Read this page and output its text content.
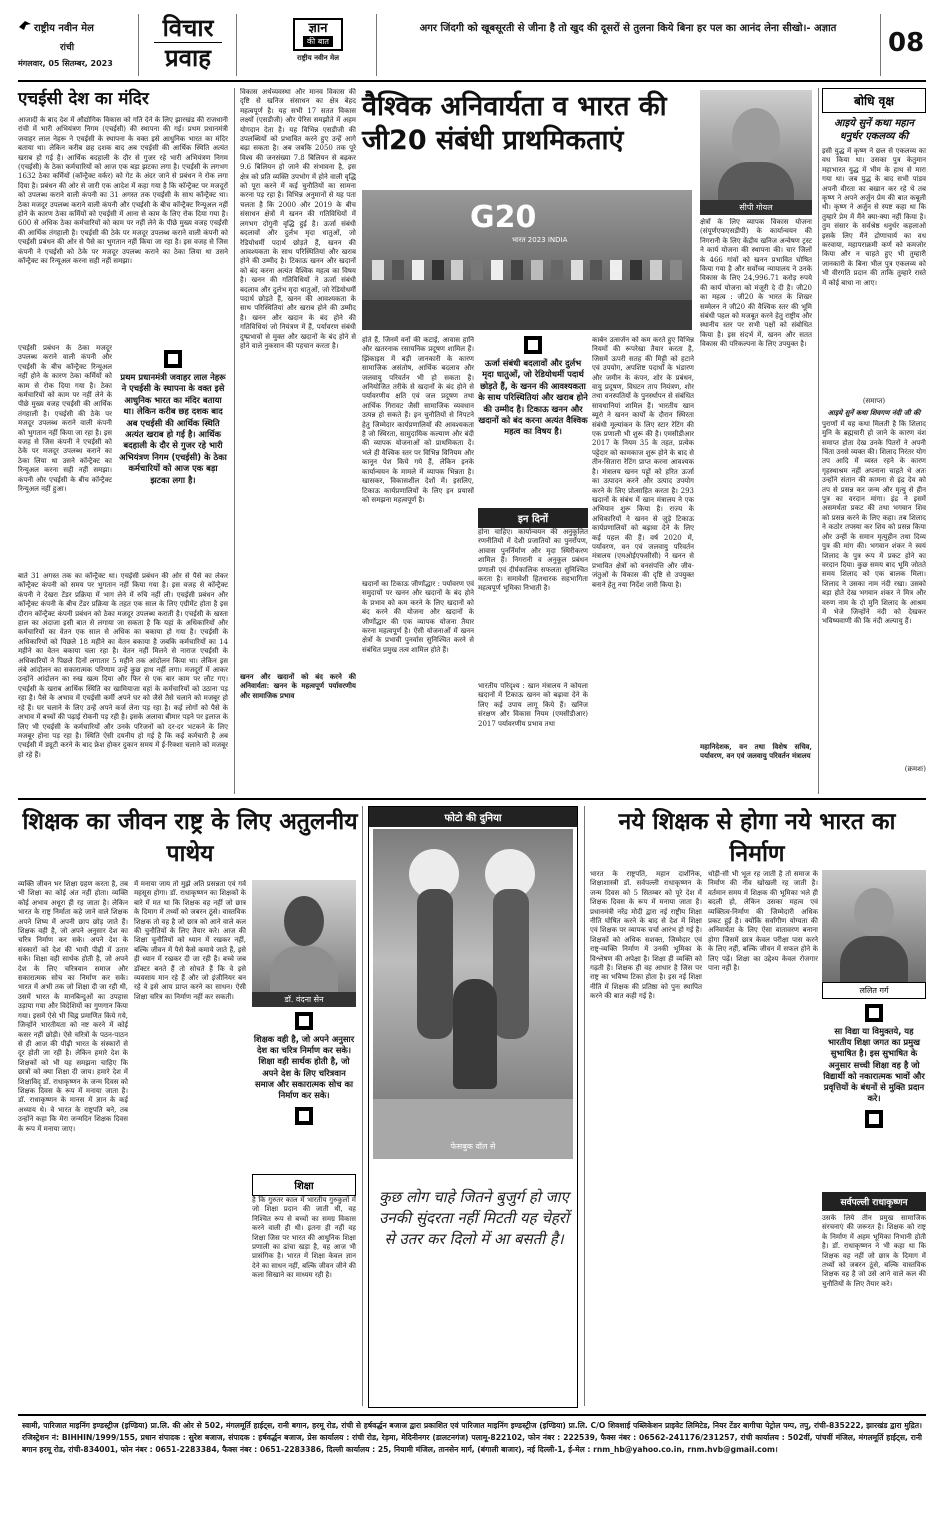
राष्ट्रीय नवीन मेल
रांची
मंगलवार, 05 सितम्बर, 2023
विचार
प्रवाह
ज्ञान
की बात
राष्ट्रीय नवीन मेल
अगर जिंदगी को खूबसूरती से जीना है तो खुद की दूसरों से तुलना किये बिना हर पल का आनंद लेना सीखो।- अज्ञात	08
एचईसी देश का मंदिर
आजादी के बाद देश में औद्योगिक विकास को गति देने के लिए झारखंड की राजधानी रांची में भारी अभियंत्रण निगम (एचईसी) की स्थापना की गई। प्रथम प्रधानमंत्री जवाहर लाल नेहरू ने एचईसी के स्थापना के वक्त इसे आधुनिक भारत का मंदिर बताया था। लेकिन करीब छह दशक बाद अब एचईसी की आर्थिक स्थिति अत्यंत खराब हो गई है। आर्थिक बदहाली के दौर से गुजर रहे भारी अभियंत्रण निगम (एचईसी) के ठेका कर्मचारियों को आज एक बड़ा झटका लगा है। एचईसी के लगभग 1632 ठेका कर्मियों (कॉन्ट्रैक्ट वर्कर) को गेट के अंदर जाने से प्रबंधन ने रोक लगा दिया है। प्रबंधन की ओर से जारी एक आदेश में कहा गया है कि कॉन्ट्रैक्ट पर मजदूरों को उपलब्ध कराने वाली कंपनी का 31 अगस्त तक एचईसी के साथ कॉन्ट्रैक्ट था। ठेका मजदूर उपलब्ध कराने वाली कंपनी और एचईसी के बीच कॉन्ट्रैक्ट रिन्यूअल नहीं होने के कारण ठेका कर्मियों को एचईसी में आना से काम के लिए रोक दिया गया है। 600 से अधिक ठेका कर्मचारियों को काम पर नहीं लेने के पीछे मुख्य वजह एचईसी की आर्थिक तंगहाली है। एचईसी की ठेके पर मजदूर उपलब्ध कराने वाली कंपनी को एचईसी प्रबंधन की ओर से पैसे का भुगतान नहीं किया जा रहा है। इस वजह से जिस कंपनी ने एचईसी को ठेके पर मजदूर उपलब्ध कराने का ठेका लिया था उसने कॉन्ट्रैक्ट का रिन्यूअल करना सही नहीं समझा।
एचईसी प्रबंधन के ठेका मजदूर उपलब्ध कराने वाली कंपनी और एचईसी के बीच कॉन्ट्रैक्ट रिन्यूअल नहीं होने के कारण ठेका कर्मियों को काम से रोक दिया गया है। ठेका कर्मचारियों को काम पर नहीं लेने के पीछे मुख्य वजह एचईसी की आर्थिक तंगहाली है। एचईसी की ठेके पर मजदूर उपलब्ध कराने वाली कंपनी को भुगतान नहीं किया जा रहा है। इस वजह से जिस कंपनी ने एचईसी को ठेके पर मजदूर उपलब्ध कराने का ठेका लिया था उसने कॉन्ट्रैक्ट का रिन्यूअल करना सही नहीं समझा। कंपनी और एचईसी के बीच कॉन्ट्रैक्ट रिन्यूअल नहीं हुआ।
प्रथम प्रधानमंत्री जवाहर लाल नेहरू ने एचईसी के स्थापना के वक्त इसे आधुनिक भारत का मंदिर बताया था। लेकिन करीब छह दशक बाद अब एचईसी की आर्थिक स्थिति अत्यंत खराब हो गई है। आर्थिक बदहाली के दौर से गुजर रहे भारी अभियंत्रण निगम (एचईसी) के ठेका कर्मचारियों को आज एक बड़ा झटका लगा है।
बाते 31 अगस्त तक का कॉन्ट्रैक्ट था। एचईसी प्रबंधन की ओर से पैसे का लेकर कॉन्ट्रैक्ट कंपनी को समय पर भुगतान नहीं किया गया है। इस वजह से कॉन्ट्रैक्ट कंपनी ने देखरा टेंडर प्रक्रिया में भाग लेने में रुचि नहीं ली। एचईसी प्रबंधन और कॉन्ट्रैक्ट कंपनी के बीच टेंडर प्रक्रिया के तहत एक साल के लिए एग्रीमेंट होता है इस दौरान कॉन्ट्रैक्ट कंपनी प्रबंधन को ठेका मजदूर उपलब्ध कराती है। एचईसी के खस्ता हाल का अंदाजा इसी बात से लगाया जा सकता है कि यहां के अधिकारियों और कर्मचारियों का वेतन एक साल से अधिक का बकाया हो गया है। एचईसी के अधिकारियों को पिछले 18 महीने का वेतन बकाया है जबकि कर्मचारियों का 14 महीने का वेतन बकाया चला रहा है। वेतन नहीं मिलने से नाराज एचईसी के अधिकारियों ने पिछले दिनों लगातार 5 महीने तक आंदोलन किया था। लेकिन इस लंबे आंदोलन का सकारात्मक परिणाम उन्हें कुछ हाथ नहीं लगा। मजदूरों में आकर उन्होंने आंदोलन का रुख खत्म दिया और फिर से एक बार काम पर लौट गए। एचईसी के खराब आर्थिक स्थिति का खामियाजा वहां के कर्मचारियों को उठाना पड़ रहा है। पैसे के अभाव में एचईसी कर्मी अपने घर को जैसे तैसे चलाने को मजबूर हो रहे हैं। घर चलाने के लिए उन्हें अपने कर्ज लेना पड़ रहा है। कई लोगों को पैसे के अभाव में बच्चों की पढ़ाई रोकनी पड़ रही है। इसके अलावा बीमार पड़ने पर इलाज के लिए भी एचईसी के कर्मचारियों और उनके परिजनों को दर-दर भटकने के लिए मजबूर होना पड़ रहा है। स्थिति ऐसी दयनीय हो गई है कि कई कर्मचारी है अब एचईसी में ड्यूटी करने के बाद फ्रेश होकर दुकान समय में ई-रिक्शा चलाने को मजबूर हो रहे हैं।
विकास अर्थव्यवस्था और मानव विकास की दृष्टि से खनिज संसाधन का क्षेत्र बेहद महत्वपूर्ण है। यह सभी 17 सतत विकास लक्ष्यों (एसडीजी) और पेरिस समझौते में अहम योगदान देता है। यह विभिन्न एसडीजी की उपलब्धियों को प्रभावित करने हुए उन्हें आगे बढ़ा सकता है। अब जबकि 2050 तक पूरे विश्व की जनसंख्या 7.8 बिलियन से बढ़कर 9.6 बिलियन हो जाने की संभावना है, इस क्षेत्र को प्रति व्यक्ति उपभोग में होने वाली वृद्धि को पूरा करने में कई चुनौतियों का सामना करना पड़ रहा है। विभिन्न अनुमानों से यह पता चलता है कि 2000 और 2019 के बीच संसाधन क्षेत्रों में खनन की गतिविधियों में लगभग दोगुनी वृद्धि हुई है। ऊर्जा संबंधी बदलावों और दुर्लभ मृदा धातुओं, जो रेडियोधर्मी पदार्थ छोड़ते हैं, खनन की आवश्यकता के साथ परिस्थितियां और खराब होने की उम्मीद है। टिकाऊ खनन और खदानों को बंद करना अत्यंत वैश्विक महत्व का विषय है। खनन की गतिविधियों ने ऊर्जा संबंधी बदलाव और दुर्लभ मृदा धातुओं, जो रेडियोधर्मी पदार्थ छोड़ते हैं, खनन की आवश्यकता के साथ परिस्थितियां और खराब होने की उम्मीद है। खनन और खदान के बंद होने की गतिविधियां जो नियंत्रण में हैं, पर्यावरण संबंधी दुष्प्रभावों से मुक्त और खदानों के बंद होने से होने वाले नुकसान की पहचान करता है।
खनन और खदानों को बंद करने की अनिवार्यता: खनन के महत्वपूर्ण पर्यावरणीय और सामाजिक प्रभाव
वैश्विक अनिवार्यता व भारत की जी20 संबंधी प्राथमिकताएं
G20
भारत 2023 INDIA
सीपी गोयल
होते हैं, जिनमें वनों की कटाई, आवास हानि और खतरनाक रसायनिक प्रदूषण शामिल हैं। झिंकाइस में बड़ी जानकारी के कारण सामाजिक असंतोष, आर्थिक बदलाव और जलवायु परिवर्तन भी हो सकता है। अनियोजित तरीके से खदानों के बंद होने से पर्यावरणीय क्षति एवं जल प्रदूषण तथा आर्थिक गिरावट जैसी सामाजिक व्यवधान उत्पन्न हो सकते हैं। इन चुनौतियों से निपटने हेतु जिम्मेदार कार्यप्रणालियों की आवश्यकता है जो स्थिरता, सामुदायिक कल्याण और बंदी की व्यापक योजनाओं को प्राथमिकता दें। भले ही वैश्विक स्तर पर विभिन्न विनियम और कानून पेश किये गये हैं, लेकिन इनके कार्यान्वयन के मामले में व्यापक भिन्नता है। खासकर, विकासशील देशों में। इसलिए, टिकाऊ कार्यप्रणालियों के लिए इन प्रयासों को समझना महत्वपूर्ण है।
खदानों का टिकाऊ जीर्णोद्धार : पर्यावरण एवं समुदायों पर खनन और खदानों के बंद होने के प्रभाव को कम करने के लिए खदानों को बंद करने की योजना और खदानों के जीर्णोद्धार की एक व्यापक योजना तैयार करना महत्वपूर्ण है। ऐसी योजनाओं में खनन क्षेत्रों के प्रभावी पुनर्वास सुनिश्चित करने से संबंधित प्रमुख तत्व शामिल होते हैं।
ऊर्जा संबंधी बदलावों और दुर्लभ मृदा धातुओं, जो रेडियोधर्मी पदार्थ छोड़ते हैं, के खनन की आवश्यकता के साथ परिस्थितियां और खराब होने की उम्मीद है। टिकाऊ खनन और खदानों को बंद करना अत्यंत वैश्विक महत्व का विषय है।
इन दिनों
होना चाहिए। कार्यान्वयन की अनुकूलित रणनीतियों में देशी प्रजातियों का पुनर्रोपण, आवास पुनर्निर्माण और मृदा स्थिरीकरण शामिल हैं। निगरानी व अनुकूल प्रबंधन प्रणाली एवं दीर्घकालिक सफलता सुनिश्चित करता है। समावेशी हितधारक सहभागिता महत्वपूर्ण भूमिका निभाती है।
भारतीय परिदृश्य : खान मंत्रालय ने कोयला खदानों में टिकाऊ खनन को बढ़ावा देने के लिए कई उपाय लागू किये हैं। खनिज संरक्षण और विकास नियम (एमसीडीआर) 2017 पर्यावरणीय प्रभाव तथा
कार्बन उत्सर्जन को कम करते हुए विभिन्न नियमों की रूपरेखा तैयार करता है, जिसमें ऊपरी सतह की मिट्टी को हटाने एवं उपयोग, अपशिष्ट पदार्थों के भंडारण और जमीन के कंपन, शोर के प्रबंधन, वायु प्रदूषण, विघटन ताप नियंत्रण, शोर तथा वनस्पतियों के पुनर्स्थापन से संबंधित सावधानियां शामिल हैं। भारतीय खान ब्यूरो ने खनन कार्यों के दौरान स्थिरता संबंधी मूल्यांकन के लिए स्टार रेटिंग की एक प्रणाली भी शुरू की है। एमसीडीआर 2017 के नियम 35 के तहत, प्रत्येक पट्टेदार को कामकाज शुरू होने के बाद से तीन-सितारा रेटिंग प्राप्त करना आवश्यक है। मंत्रालय खनन पट्टों को हरित ऊर्जा का उत्पादन करने और उत्पाद उपयोग करने के लिए प्रोत्साहित करता है। 293 खदानों के संबंध में खान मंत्रालय ने एक अभियान शुरू किया है। राज्य के अधिकारियों ने खनन से जुड़े टिकाऊ कार्यप्रणालियों को बढ़ावा देने के लिए कई पहल की हैं। वर्ष 2020 में, पर्यावरण, वन एवं जलवायु परिवर्तन मंत्रालय (एमओईएफसीसी) ने खनन से प्रभावित क्षेत्रों को वनसंपत्ति और जीव-जंतुओं के विकास की दृष्टि से उपयुक्त बनाने हेतु नया निर्देश जारी किया है।
क्षेत्रों के लिए व्यापक विकास योजना (संपूर्णएफएसडीपी) के कार्यान्वयन की निगरानी के लिए केंद्रीय खनिज अन्वेषण ट्रस्ट ने कार्य योजना की स्थापना की। चार जिलों के 466 गांवों को खनन प्रभावित घोषित किया गया है और सर्वोच्च न्यायालय ने उनके विकास के लिए 24,996.71 करोड़ रुपये की कार्य योजना को मंजूरी दे दी है। जी20 का महत्व : जी20 के भारत के शिखर सम्मेलन ने जी20 की वैश्विक स्तर की भूमि संबंधी पहल को मजबूत करने हेतु राष्ट्रीय और स्थानीय स्तर पर सभी पक्षों को संबोधित किया है। इस संदर्भ में, खनन और सतत विकास की परिकल्पना के लिए उपयुक्त है।
महानिदेशक, वन तथा विशेष सचिव, पर्यावरण, वन एवं जलवायु परिवर्तन मंत्रालय
बोधि वृक्ष
आइये सुनें कथा महान धनुर्धर एकलव्य की
इसी युद्ध में कृष्ण ने छल से एकलव्य का वध किया था। उसका पुत्र केतुमान महाभारत युद्ध में भीम के हाथ से मारा गया था। जब युद्ध के बाद सभी पांडव अपनी वीरता का बखान कर रहे थे तब कृष्ण ने अपने अर्जुन प्रेम की बात कबूली थी। कृष्ण ने अर्जुन से स्पष्ट कहा था कि तुम्हारे प्रेम में मैंने क्या-क्या नहीं किया है। तुम संसार के सर्वश्रेष्ठ धनुर्धर कहलाओ इसके लिए मैंने द्रोणाचार्य का वध करवाया, महापराक्रमी कर्ण को कमजोर किया और न चाहते हुए भी तुम्हारी जानकारी के बिना भील पुत्र एकलव्य को भी वीरगति प्रदान की ताकि तुम्हारे रास्ते में कोई बाधा ना आए।
(समाप्त)
आइये सुनें कथा शिवगण नंदी जी की
पुराणों में यह कथा मिलती है कि शिलाद मुनि के ब्रह्मचारी हो जाने के कारण वंश समाप्त होता देख उनके पितरों ने अपनी चिंता उनसे व्यक्त की। शिलाद निरंतर योग तप आदि में व्यस्त रहने के कारण गृहस्थाश्रम नहीं अपनाना चाहते थे अतः उन्होंने संतान की कामना से इंद्र देव को तप से प्रसन्न कर जन्म और मृत्यु से हीन पुत्र का वरदान मांगा। इंद्र ने इसमें असमर्थता प्रकट की तथा भगवान शिव को प्रसन्न करने के लिए कहा। तब शिलाद ने कठोर तपस्या कर शिव को प्रसन्न किया और उन्हीं के समान मृत्युहीन तथा दिव्य पुत्र की मांग की। भगवान शंकर ने स्वयं शिलाद के पुत्र रूप में प्रकट होने का वरदान दिया। कुछ समय बाद भूमि जोतते समय शिलाद को एक बालक मिला। शिलाद ने उसका नाम नंदी रखा। उसको बड़ा होते देख भगवान शंकर ने मित्र और वरुण नाम के दो मुनि शिलाद के आश्रम में भेजे जिन्होंने नंदी को देखकर भविष्यवाणी की कि नंदी अल्पायु हैं।
(क्रमशः)
शिक्षक का जीवन राष्ट्र के लिए अतुलनीय पाथेय
व्यक्ति जीवन भर शिक्षा ग्रहण करता है, तब भी शिक्षा का कोई अंत नहीं होता। व्यक्ति कोई अभाव अधूरा ही रह जाता है। लेकिन भारत के राष्ट्र निर्माता कहे जाने वाले शिक्षक अपने शिष्य में अपनी छाप छोड़ जाते हैं। शिक्षक वही है, जो अपने अनुसार देश का चरित्र निर्माण कर सके। अपने देश के संस्कारों को देश की भावी पीढ़ी में उतार सके। शिक्षा वही सार्थक होती है, जो अपने देश के लिए चरित्रवान समाज और सकारात्मक सोच का निर्माण कर सके। भारत में अभी तक जो शिक्षा दी जा रही थी, उसमें भारत के मानबिन्दुओं का उपहास उड़ाया गया और विदेशियों का गुणगान किया गया। इसमें ऐसे भी चिह्न प्रमाणित किये गये, जिन्होंने भारतीयता को नष्ट करने में कोई कसर नहीं छोड़ी। ऐसे चरित्रों के पठन-पाठन से ही आज की पीढ़ी भारत के संस्कारों से दूर होती जा रही है। लेकिन हमारे देश के शिक्षकों को भी यह समझना चाहिए कि छात्रों को क्या शिक्षा दी जाय। हमारे देश में शिक्षाविद् डॉ. राधाकृष्णन के जन्म दिवस को शिक्षक दिवस के रूप में मनाया जाता है। डॉ. राधाकृष्णन के मानस में ज्ञान के कई अध्याय थे। वे भारत के राष्ट्रपति बने, तब उन्होंने कहा कि मेरा जन्मदिन शिक्षक दिवस के रूप में मनाया जाए।
में मनाया जाय तो मुझे अति प्रसन्नता एवं गर्व महसूस होगा। डॉ. राधाकृष्णन का शिक्षकों के बारे में मत था कि शिक्षक वह नहीं जो छात्र के दिमाग में तथ्यों को जबरन ठूंसे। वास्तविक शिक्षक तो वह है जो छात्र को आने वाले कल की चुनौतियों के लिए तैयार करे। आज की शिक्षा चुनौतियों को ध्यान में रखकर नहीं, बल्कि जीवन में पैसे कैसे कमाये जाते हैं, इसे ही ध्यान में रखकर दी जा रही है। बच्चे जब डॉक्टर बनते हैं तो सोचते हैं कि वे इसे व्यवसाय मान रहे हैं और जो इंजीनियर बन रहे वे इसे आय प्राप्त करने का साधन। ऐसी शिक्षा चरित्र का निर्माण नहीं कर सकती।	डॉ. वंदना सेन
शिक्षक वही है, जो अपने अनुसार देश का चरित्र निर्माण कर सके। शिक्षा वही सार्थक होती है, जो अपने देश के लिए चरित्रवान समाज और सकारात्मक सोच का निर्माण कर सके।
शिक्षा
है कि गुरुतर काल में भारतीय गुरुकुलों में जो शिक्षा प्रदान की जाती थी, वह निश्चित रूप से बच्चों का समग्र विकास करने वाली ही थी। इतना ही नहीं वह शिक्षा जिस पर भारत की आधुनिक शिक्षा प्रणाली का ढांचा खड़ा है, वह आज भी प्रासंगिक है। भारत में शिक्षा केवल ज्ञान देने का साधन नहीं, बल्कि जीवन जीने की कला सिखाने का माध्यम रही है।
फोटो की दुनिया
फेसबुक वॉल से
कुछ लोग चाहे जितने बुजुर्ग हो जाए उनकी सुंदरता नहीं मिटती यह चेहरों से उतर कर दिलो में आ बसती है।
नये शिक्षक से होगा नये भारत का निर्माण
भारत के राष्ट्रपति, महान दार्शनिक, शिक्षाशास्त्री डॉ. सर्वपल्ली राधाकृष्णन के जन्म दिवस को 5 सितम्बर को पूरे देश में शिक्षक दिवस के रूप में मनाया जाता है। प्रधानमंत्री नरेंद्र मोदी द्वारा नई राष्ट्रीय शिक्षा नीति घोषित करने के बाद से देश में शिक्षा एवं शिक्षक पर व्यापक चर्चा आरंभ हो गई है। शिक्षकों को अधिक सशक्त, जिम्मेदार एवं राष्ट्र-व्यक्ति निर्माण में उनकी भूमिका के विश्लेषण की अपेक्षा है। शिक्षा ही व्यक्ति को गढ़ती है। शिक्षक ही वह आधार है जिस पर राष्ट्र का भविष्य टिका होता है। इस नई शिक्षा नीति में शिक्षक की प्रतिष्ठा को पुनः स्थापित करने की बात कही गई है।
थोड़ी-सी भी भूल रह जाती है तो समाज के निर्माण की नींव खोखली रह जाती है। वर्तमान समय में शिक्षक की भूमिका भले ही बदली हो, लेकिन उसका महत्व एवं व्यक्तित्व-निर्माण की जिम्मेदारी अधिक प्रकट हुई है। क्योंकि सर्वांगीण योग्यता की अनिवार्यता के लिए ऐसा वातावरण बनाना होगा जिसमें छात्र केवल परीक्षा पास करने के लिए नहीं, बल्कि जीवन में सफल होने के लिए पढ़ें। शिक्षा का उद्देश्य केवल रोजगार पाना नहीं है।
ललित गर्ग
सा विद्या या विमुक्तये, यह भारतीय शिक्षा जगत का प्रमुख सुभाषित है। इस सुभाषित के अनुसार सच्ची शिक्षा वह है जो विद्यार्थी को नकारात्मक भावों और प्रवृत्तियों के बंधनों से मुक्ति प्रदान करे।
सर्वपल्ली राधाकृष्णन
उसके लिये तीन प्रमुख सामाजिक संरचनाएं की जरूरत है। शिक्षक को राष्ट्र के निर्माण में अहम भूमिका निभानी होती है। डॉ. राधाकृष्णन ने भी कहा था कि शिक्षक वह नहीं जो छात्र के दिमाग में तथ्यों को जबरन ठूंसे, बल्कि वास्तविक शिक्षक वह है जो उसे आने वाले कल की चुनौतियों के लिए तैयार करे।
स्वामी, पारिजात माइनिंग इण्डस्ट्रीज (इण्डिया) प्रा.लि. की ओर से 502, मंगलमूर्ति हाईट्स, रानी बगान, हरमू रोड, रांची से हर्षवर्द्धन बजाज द्वारा प्रकाशित एवं पारिजात माइनिंग इण्डस्ट्रीज (इण्डिया) प्रा.लि. C/O शिवशाई पब्लिकेशन प्राइवेट लिमिटेड, नियर टेंडर बागीचा पेट्रोल पम्प, तपु, रांची-835222, झारखंड द्वारा मुद्रित। रजिस्ट्रेशन नं: BIHHIN/1999/155, प्रधान संपादक : सुरेश बजाज, संपादक : हर्षवर्द्धन बजाज, प्रेस कार्यालय : रांची रोड, रेड़मा, मेदिनीनगर (डालटनगंज) पलामू-822102, फोन नंबर : 222539, फैक्स नंबर : 06562-241176/231257, रांची कार्यालय : 502वीं, पांचवीं मंजिल, मंगलमूर्ति हाईट्स, रानी बगान हरमू रोड, रांची-834001, फोन नंबर : 0651-2283384, फैक्स नंबर : 0651-2283386, दिल्ली कार्यालय : 25, नियामी मंजिल, तानसेन मार्ग, (बंगाली बाजार), नई दिल्ली-1, ई-मेल : rnm_hb@yahoo.co.in, rnm.hvb@gmail.com।
